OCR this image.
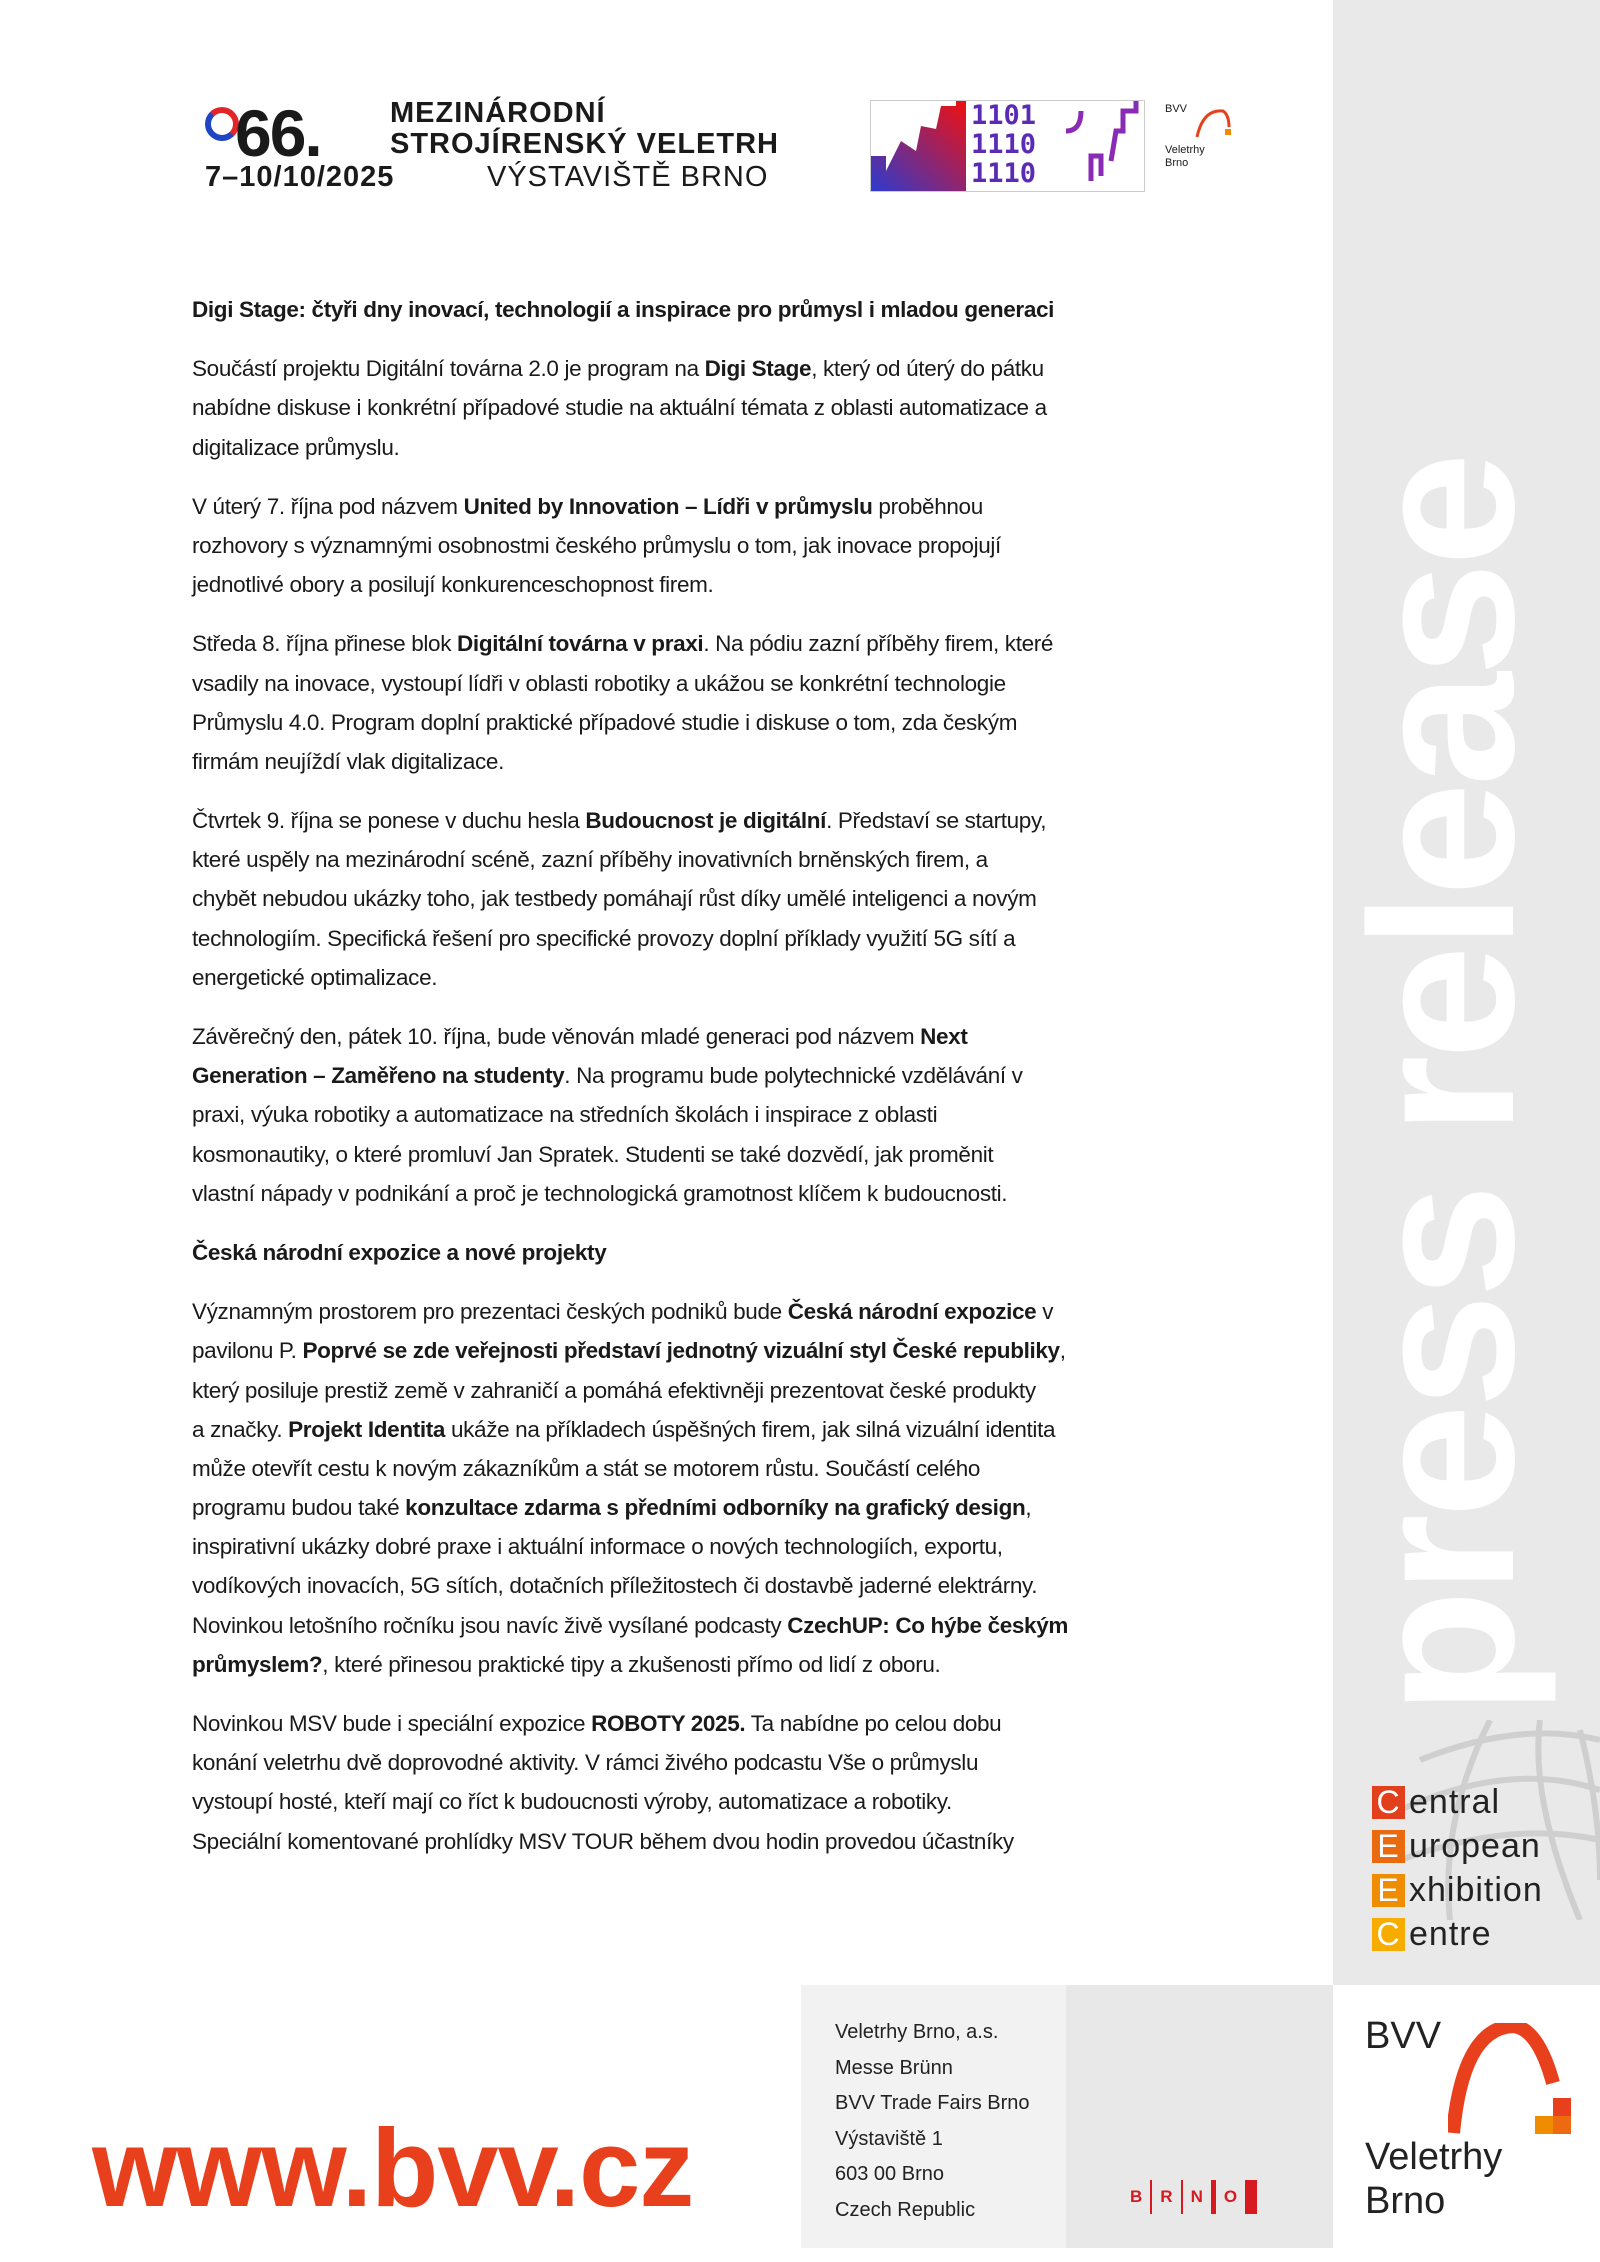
press release
C entral
E uropean
E xhibition
C entre
66. MEZINÁRODNÍ
STROJÍRENSKÝ VELETRH
7–10/10/2025	VÝSTAVIŠTĚ BRNO
1101
1110
1110
BVV
Veletrhy
Brno
Digi Stage: čtyři dny inovací, technologií a inspirace pro průmysl i mladou generaci
Součástí projektu Digitální továrna 2.0 je program na Digi Stage, který od úterý do pátku
nabídne diskuse i konkrétní případové studie na aktuální témata z oblasti automatizace a
digitalizace průmyslu.
V úterý 7. října pod názvem United by Innovation – Lídři v průmyslu proběhnou
rozhovory s významnými osobnostmi českého průmyslu o tom, jak inovace propojují
jednotlivé obory a posilují konkurenceschopnost firem.
Středa 8. října přinese blok Digitální továrna v praxi. Na pódiu zazní příběhy firem, které
vsadily na inovace, vystoupí lídři v oblasti robotiky a ukážou se konkrétní technologie
Průmyslu 4.0. Program doplní praktické případové studie i diskuse o tom, zda českým
firmám neujíždí vlak digitalizace.
Čtvrtek 9. října se ponese v duchu hesla Budoucnost je digitální. Představí se startupy,
které uspěly na mezinárodní scéně, zazní příběhy inovativních brněnských firem, a
chybět nebudou ukázky toho, jak testbedy pomáhají růst díky umělé inteligenci a novým
technologiím. Specifická řešení pro specifické provozy doplní příklady využití 5G sítí a
energetické optimalizace.
Závěrečný den, pátek 10. října, bude věnován mladé generaci pod názvem Next
Generation – Zaměřeno na studenty. Na programu bude polytechnické vzdělávání v
praxi, výuka robotiky a automatizace na středních školách i inspirace z oblasti
kosmonautiky, o které promluví Jan Spratek. Studenti se také dozvědí, jak proměnit
vlastní nápady v podnikání a proč je technologická gramotnost klíčem k budoucnosti.
Česká národní expozice a nové projekty
Významným prostorem pro prezentaci českých podniků bude Česká národní expozice v
pavilonu P. Poprvé se zde veřejnosti představí jednotný vizuální styl České republiky,
který posiluje prestiž země v zahraničí a pomáhá efektivněji prezentovat české produkty
a značky. Projekt Identita ukáže na příkladech úspěšných firem, jak silná vizuální identita
může otevřít cestu k novým zákazníkům a stát se motorem růstu. Součástí celého
programu budou také konzultace zdarma s předními odborníky na grafický design,
inspirativní ukázky dobré praxe i aktuální informace o nových technologiích, exportu,
vodíkových inovacích, 5G sítích, dotačních příležitostech či dostavbě jaderné elektrárny.
Novinkou letošního ročníku jsou navíc živě vysílané podcasty CzechUP: Co hýbe českým
průmyslem?, které přinesou praktické tipy a zkušenosti přímo od lidí z oboru.
Novinkou MSV bude i speciální expozice ROBOTY 2025. Ta nabídne po celou dobu
konání veletrhu dvě doprovodné aktivity. V rámci živého podcastu Vše o průmyslu
vystoupí hosté, kteří mají co říct k budoucnosti výroby, automatizace a robotiky.
Speciální komentované prohlídky MSV TOUR během dvou hodin provedou účastníky
Veletrhy Brno, a.s.
Messe Brünn
BVV Trade Fairs Brno
Výstaviště 1
603 00 Brno
Czech Republic
B R N O
www.bvv.cz
BVV
Veletrhy
Brno
